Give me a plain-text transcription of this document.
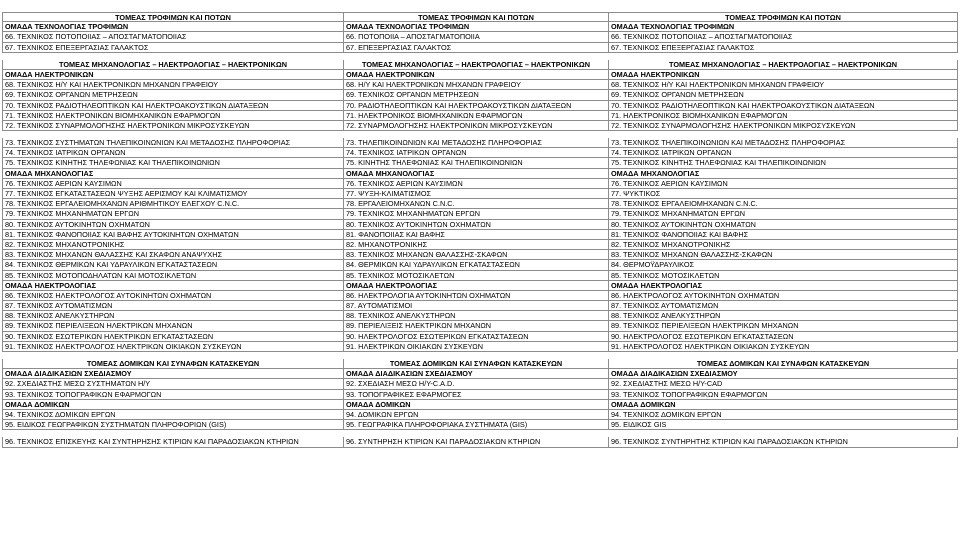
ΤΟΜΕΑΣ ΤΡΟΦΙΜΩΝ ΚΑΙ ΠΟΤΩΝ	ΤΟΜΕΑΣ ΤΡΟΦΙΜΩΝ ΚΑΙ ΠΟΤΩΝ	ΤΟΜΕΑΣ ΤΡΟΦΙΜΩΝ ΚΑΙ ΠΟΤΩΝ
ΟΜΑΔΑ ΤΕΧΝΟΛΟΓΙΑΣ ΤΡΟΦΙΜΩΝ	ΟΜΑΔΑ ΤΕΧΝΟΛΟΓΙΑΣ ΤΡΟΦΙΜΩΝ	ΟΜΑΔΑ ΤΕΧΝΟΛΟΓΙΑΣ ΤΡΟΦΙΜΩΝ
66. ΤΕΧΝΙΚΟΣ ΠΟΤΟΠΟΙΙΑΣ – ΑΠΟΣΤΑΓΜΑΤΟΠΟΙΙΑΣ	66. ΠΟΤΟΠΟΙΙΑ – ΑΠΟΣΤΑΓΜΑΤΟΠΟΙΙΑ	66. ΤΕΧΝΙΚΟΣ ΠΟΤΟΠΟΙΙΑΣ – ΑΠΟΣΤΑΓΜΑΤΟΠΟΙΙΑΣ
67. ΤΕΧΝΙΚΟΣ ΕΠΕΞΕΡΓΑΣΙΑΣ ΓΑΛΑΚΤΟΣ	67. ΕΠΕΞΕΡΓΑΣΙΑΣ ΓΑΛΑΚΤΟΣ	67. ΤΕΧΝΙΚΟΣ ΕΠΕΞΕΡΓΑΣΙΑΣ ΓΑΛΑΚΤΟΣ
ΤΟΜΕΑΣ ΜΗΧΑΝΟΛΟΓΙΑΣ – ΗΛΕΚΤΡΟΛΟΓΙΑΣ – ΗΛΕΚΤΡΟΝΙΚΩΝ	ΤΟΜΕΑΣ ΜΗΧΑΝΟΛΟΓΙΑΣ – ΗΛΕΚΤΡΟΛΟΓΙΑΣ – ΗΛΕΚΤΡΟΝΙΚΩΝ	ΤΟΜΕΑΣ ΜΗΧΑΝΟΛΟΓΙΑΣ – ΗΛΕΚΤΡΟΛΟΓΙΑΣ – ΗΛΕΚΤΡΟΝΙΚΩΝ
ΟΜΑΔΑ ΗΛΕΚΤΡΟΝΙΚΩΝ	ΟΜΑΔΑ ΗΛΕΚΤΡΟΝΙΚΩΝ	ΟΜΑΔΑ ΗΛΕΚΤΡΟΝΙΚΩΝ
68. ΤΕΧΝΙΚΟΣ Η/Υ ΚΑΙ ΗΛΕΚΤΡΟΝΙΚΩΝ ΜΗΧΑΝΩΝ ΓΡΑΦΕΙΟΥ	68. Η/Υ ΚΑΙ ΗΛΕΚΤΡΟΝΙΚΩΝ ΜΗΧΑΝΩΝ ΓΡΑΦΕΙΟΥ	68. ΤΕΧΝΙΚΟΣ Η/Υ ΚΑΙ ΗΛΕΚΤΡΟΝΙΚΩΝ ΜΗΧΑΝΩΝ ΓΡΑΦΕΙΟΥ
69. ΤΕΧΝΙΚΟΣ ΟΡΓΑΝΩΝ ΜΕΤΡΗΣΕΩΝ	69. ΤΕΧΝΙΚΟΣ ΟΡΓΑΝΩΝ ΜΕΤΡΗΣΕΩΝ	69. ΤΕΧΝΙΚΟΣ ΟΡΓΑΝΩΝ ΜΕΤΡΗΣΕΩΝ
70. ΤΕΧΝΙΚΟΣ ΡΑΔΙΟΤΗΛΕΟΠΤΙΚΩΝ ΚΑΙ ΗΛΕΚΤΡΟΑΚΟΥΣΤΙΚΩΝ ΔΙΑΤΑΞΕΩΝ	70. ΡΑΔΙΟΤΗΛΕΟΠΤΙΚΩΝ ΚΑΙ ΗΛΕΚΤΡΟΑΚΟΥΣΤΙΚΩΝ ΔΙΑΤΑΞΕΩΝ	70. ΤΕΧΝΙΚΟΣ ΡΑΔΙΟΤΗΛΕΟΠΤΙΚΩΝ ΚΑΙ ΗΛΕΚΤΡΟΑΚΟΥΣΤΙΚΩΝ ΔΙΑΤΑΞΕΩΝ
71. ΤΕΧΝΙΚΟΣ ΗΛΕΚΤΡΟΝΙΚΩΝ ΒΙΟΜΗΧΑΝΙΚΩΝ ΕΦΑΡΜΟΓΩΝ	71. ΗΛΕΚΤΡΟΝΙΚΟΣ ΒΙΟΜΗΧΑΝΙΚΩΝ ΕΦΑΡΜΟΓΩΝ	71. ΗΛΕΚΤΡΟΝΙΚΟΣ ΒΙΟΜΗΧΑΝΙΚΩΝ ΕΦΑΡΜΟΓΩΝ
72. ΤΕΧΝΙΚΟΣ ΣΥΝΑΡΜΟΛΟΓΗΣΗΣ ΗΛΕΚΤΡΟΝΙΚΩΝ ΜΙΚΡΟΣΥΣΚΕΥΩΝ	72. ΣΥΝΑΡΜΟΛΟΓΗΣΗΣ ΗΛΕΚΤΡΟΝΙΚΩΝ ΜΙΚΡΟΣΥΣΚΕΥΩΝ	72. ΤΕΧΝΙΚΟΣ ΣΥΝΑΡΜΟΛΟΓΗΣΗΣ ΗΛΕΚΤΡΟΝΙΚΩΝ ΜΙΚΡΟΣΥΣΚΕΥΩΝ
73. ΤΕΧΝΙΚΟΣ ΣΥΣΤΗΜΑΤΩΝ ΤΗΛΕΠΙΚΟΙΝΩΝΙΩΝ ΚΑΙ ΜΕΤΑΔΟΣΗΣ ΠΛΗΡΟΦΟΡΙΑΣ	73. ΤΗΛΕΠΙΚΟΙΝΩΝΙΩΝ ΚΑΙ ΜΕΤΑΔΟΣΗΣ ΠΛΗΡΟΦΟΡΙΑΣ	73. ΤΕΧΝΙΚΟΣ ΤΗΛΕΠΙΚΟΙΝΩΝΙΩΝ ΚΑΙ ΜΕΤΑΔΟΣΗΣ ΠΛΗΡΟΦΟΡΙΑΣ
74. ΤΕΧΝΙΚΟΣ ΙΑΤΡΙΚΩΝ ΟΡΓΑΝΩΝ	74. ΤΕΧΝΙΚΟΣ ΙΑΤΡΙΚΩΝ ΟΡΓΑΝΩΝ	74. ΤΕΧΝΙΚΟΣ ΙΑΤΡΙΚΩΝ ΟΡΓΑΝΩΝ
75. ΤΕΧΝΙΚΟΣ ΚΙΝΗΤΗΣ ΤΗΛΕΦΩΝΙΑΣ ΚΑΙ ΤΗΛΕΠΙΚΟΙΝΩΝΙΩΝ	75. ΚΙΝΗΤΗΣ ΤΗΛΕΦΩΝΙΑΣ ΚΑΙ ΤΗΛΕΠΙΚΟΙΝΩΝΙΩΝ	75. ΤΕΧΝΙΚΟΣ ΚΙΝΗΤΗΣ ΤΗΛΕΦΩΝΙΑΣ ΚΑΙ ΤΗΛΕΠΙΚΟΙΝΩΝΙΩΝ
ΟΜΑΔΑ ΜΗΧΑΝΟΛΟΓΙΑΣ	ΟΜΑΔΑ ΜΗΧΑΝΟΛΟΓΙΑΣ	ΟΜΑΔΑ ΜΗΧΑΝΟΛΟΓΙΑΣ
76. ΤΕΧΝΙΚΟΣ ΑΕΡΙΩΝ ΚΑΥΣΙΜΩΝ	76. ΤΕΧΝΙΚΟΣ ΑΕΡΙΩΝ ΚΑΥΣΙΜΩΝ	76. ΤΕΧΝΙΚΟΣ ΑΕΡΙΩΝ ΚΑΥΣΙΜΩΝ
77. ΤΕΧΝΙΚΟΣ ΕΓΚΑΤΑΣΤΑΣΕΩΝ ΨΥΞΗΣ ΑΕΡΙΣΜΟΥ ΚΑΙ ΚΛΙΜΑΤΙΣΜΟΥ	77. ΨΥΞΗ-ΚΛΙΜΑΤΙΣΜΟΣ	77. ΨΥΚΤΙΚΟΣ
78. ΤΕΧΝΙΚΟΣ ΕΡΓΑΛΕΙΟΜΗΧΑΝΩΝ ΑΡΙΘΜΗΤΙΚΟΥ ΕΛΕΓΧΟΥ C.N.C.	78. ΕΡΓΑΛΕΙΟΜΗΧΑΝΩΝ C.N.C.	78. ΤΕΧΝΙΚΟΣ ΕΡΓΑΛΕΙΟΜΗΧΑΝΩΝ C.N.C.
79. ΤΕΧΝΙΚΟΣ ΜΗΧΑΝΗΜΑΤΩΝ ΕΡΓΩΝ	79. ΤΕΧΝΙΚΟΣ ΜΗΧΑΝΗΜΑΤΩΝ ΕΡΓΩΝ	79. ΤΕΧΝΙΚΟΣ ΜΗΧΑΝΗΜΑΤΩΝ ΕΡΓΩΝ
80. ΤΕΧΝΙΚΟΣ ΑΥΤΟΚΙΝΗΤΩΝ ΟΧΗΜΑΤΩΝ	80. ΤΕΧΝΙΚΟΣ ΑΥΤΟΚΙΝΗΤΩΝ ΟΧΗΜΑΤΩΝ	80. ΤΕΧΝΙΚΟΣ ΑΥΤΟΚΙΝΗΤΩΝ ΟΧΗΜΑΤΩΝ
81. ΤΕΧΝΙΚΟΣ ΦΑΝΟΠΟΙΙΑΣ ΚΑΙ ΒΑΦΗΣ ΑΥΤΟΚΙΝΗΤΩΝ ΟΧΗΜΑΤΩΝ	81. ΦΑΝΟΠΟΙΙΑΣ ΚΑΙ ΒΑΦΗΣ	81. ΤΕΧΝΙΚΟΣ ΦΑΝΟΠΟΙΙΑΣ ΚΑΙ ΒΑΦΗΣ
82. ΤΕΧΝΙΚΟΣ ΜΗΧΑΝΟΤΡΟΝΙΚΗΣ	82. ΜΗΧΑΝΟΤΡΟΝΙΚΗΣ	82. ΤΕΧΝΙΚΟΣ ΜΗΧΑΝΟΤΡΟΝΙΚΗΣ
83. ΤΕΧΝΙΚΟΣ ΜΗΧΑΝΩΝ ΘΑΛΑΣΣΗΣ ΚΑΙ ΣΚΑΦΩΝ ΑΝΑΨΥΧΗΣ	83. ΤΕΧΝΙΚΟΣ ΜΗΧΑΝΩΝ ΘΑΛΑΣΣΗΣ-ΣΚΑΦΩΝ	83. ΤΕΧΝΙΚΟΣ ΜΗΧΑΝΩΝ ΘΑΛΑΣΣΗΣ-ΣΚΑΦΩΝ
84. ΤΕΧΝΙΚΟΣ ΘΕΡΜΙΚΩΝ ΚΑΙ ΥΔΡΑΥΛΙΚΩΝ ΕΓΚΑΤΑΣΤΑΣΕΩΝ	84. ΘΕΡΜΙΚΩΝ ΚΑΙ ΥΔΡΑΥΛΙΚΩΝ ΕΓΚΑΤΑΣΤΑΣΕΩΝ	84. ΘΕΡΜΟΫΔΡΑΥΛΙΚΟΣ
85. ΤΕΧΝΙΚΟΣ ΜΟΤΟΠΟΔΗΛΑΤΩΝ ΚΑΙ ΜΟΤΟΣΙΚΛΕΤΩΝ	85. ΤΕΧΝΙΚΟΣ ΜΟΤΟΣΙΚΛΕΤΩΝ	85. ΤΕΧΝΙΚΟΣ ΜΟΤΟΣΙΚΛΕΤΩΝ
ΟΜΑΔΑ ΗΛΕΚΤΡΟΛΟΓΙΑΣ	ΟΜΑΔΑ ΗΛΕΚΤΡΟΛΟΓΙΑΣ	ΟΜΑΔΑ ΗΛΕΚΤΡΟΛΟΓΙΑΣ
86. ΤΕΧΝΙΚΟΣ ΗΛΕΚΤΡΟΛΟΓΟΣ ΑΥΤΟΚΙΝΗΤΩΝ ΟΧΗΜΑΤΩΝ	86. ΗΛΕΚΤΡΟΛΟΓΙΑ ΑΥΤΟΚΙΝΗΤΩΝ ΟΧΗΜΑΤΩΝ	86. ΗΛΕΚΤΡΟΛΟΓΟΣ ΑΥΤΟΚΙΝΗΤΩΝ ΟΧΗΜΑΤΩΝ
87. ΤΕΧΝΙΚΟΣ ΑΥΤΟΜΑΤΙΣΜΩΝ	87. ΑΥΤΟΜΑΤΙΣΜΟΙ	87. ΤΕΧΝΙΚΟΣ ΑΥΤΟΜΑΤΙΣΜΩΝ
88. ΤΕΧΝΙΚΟΣ ΑΝΕΛΚΥΣΤΗΡΩΝ	88. ΤΕΧΝΙΚΟΣ ΑΝΕΛΚΥΣΤΗΡΩΝ	88. ΤΕΧΝΙΚΟΣ ΑΝΕΛΚΥΣΤΗΡΩΝ
89. ΤΕΧΝΙΚΟΣ ΠΕΡΙΕΛΙΞΕΩΝ ΗΛΕΚΤΡΙΚΩΝ ΜΗΧΑΝΩΝ	89. ΠΕΡΙΕΛΙΞΕΙΣ ΗΛΕΚΤΡΙΚΩΝ ΜΗΧΑΝΩΝ	89. ΤΕΧΝΙΚΟΣ ΠΕΡΙΕΛΙΞΕΩΝ ΗΛΕΚΤΡΙΚΩΝ ΜΗΧΑΝΩΝ
90. ΤΕΧΝΙΚΟΣ ΕΣΩΤΕΡΙΚΩΝ ΗΛΕΚΤΡΙΚΩΝ ΕΓΚΑΤΑΣΤΑΣΕΩΝ	90. ΗΛΕΚΤΡΟΛΟΓΟΣ ΕΣΩΤΕΡΙΚΩΝ ΕΓΚΑΤΑΣΤΑΣΕΩΝ	90. ΗΛΕΚΤΡΟΛΟΓΟΣ ΕΣΩΤΕΡΙΚΩΝ ΕΓΚΑΤΑΣΤΑΣΕΩΝ
91. ΤΕΧΝΙΚΟΣ ΗΛΕΚΤΡΟΛΟΓΟΣ ΗΛΕΚΤΡΙΚΩΝ ΟΙΚΙΑΚΩΝ ΣΥΣΚΕΥΩΝ	91. ΗΛΕΚΤΡΙΚΩΝ ΟΙΚΙΑΚΩΝ ΣΥΣΚΕΥΩΝ	91. ΗΛΕΚΤΡΟΛΟΓΟΣ ΗΛΕΚΤΡΙΚΩΝ ΟΙΚΙΑΚΩΝ ΣΥΣΚΕΥΩΝ
ΤΟΜΕΑΣ ΔΟΜΙΚΩΝ ΚΑΙ ΣΥΝΑΦΩΝ ΚΑΤΑΣΚΕΥΩΝ	ΤΟΜΕΑΣ ΔΟΜΙΚΩΝ ΚΑΙ ΣΥΝΑΦΩΝ ΚΑΤΑΣΚΕΥΩΝ	ΤΟΜΕΑΣ ΔΟΜΙΚΩΝ ΚΑΙ ΣΥΝΑΦΩΝ ΚΑΤΑΣΚΕΥΩΝ
ΟΜΑΔΑ ΔΙΑΔΙΚΑΣΙΩΝ ΣΧΕΔΙΑΣΜΟΥ	ΟΜΑΔΑ ΔΙΑΔΙΚΑΣΙΩΝ ΣΧΕΔΙΑΣΜΟΥ	ΟΜΑΔΑ ΔΙΑΔΙΚΑΣΙΩΝ ΣΧΕΔΙΑΣΜΟΥ
92. ΣΧΕΔΙΑΣΤΗΣ ΜΕΣΩ ΣΥΣΤΗΜΑΤΩΝ Η/Υ	92. ΣΧΕΔΙΑΣΗ ΜΕΣΩ Η/Υ-C.A.D.	92. ΣΧΕΔΙΑΣΤΗΣ ΜΕΣΩ Η/Υ-CAD
93. ΤΕΧΝΙΚΟΣ ΤΟΠΟΓΡΑΦΙΚΩΝ ΕΦΑΡΜΟΓΩΝ	93. ΤΟΠΟΓΡΑΦΙΚΕΣ ΕΦΑΡΜΟΓΕΣ	93. ΤΕΧΝΙΚΟΣ ΤΟΠΟΓΡΑΦΙΚΩΝ ΕΦΑΡΜΟΓΩΝ
ΟΜΑΔΑ ΔΟΜΙΚΩΝ	ΟΜΑΔΑ ΔΟΜΙΚΩΝ	ΟΜΑΔΑ ΔΟΜΙΚΩΝ
94. ΤΕΧΝΙΚΟΣ ΔΟΜΙΚΩΝ ΕΡΓΩΝ	94. ΔΟΜΙΚΩΝ ΕΡΓΩΝ	94. ΤΕΧΝΙΚΟΣ ΔΟΜΙΚΩΝ ΕΡΓΩΝ
95. ΕΙΔΙΚΟΣ ΓΕΩΓΡΑΦΙΚΩΝ ΣΥΣΤΗΜΑΤΩΝ ΠΛΗΡΟΦΟΡΙΩΝ (GIS)	95. ΓΕΩΓΡΑΦΙΚΑ ΠΛΗΡΟΦΟΡΙΑΚΑ ΣΥΣΤΗΜΑΤΑ (GIS)	95. ΕΙΔΙΚΟΣ GIS
96. ΤΕΧΝΙΚΟΣ ΕΠΙΣΚΕΥΗΣ ΚΑΙ ΣΥΝΤΗΡΗΣΗΣ ΚΤΙΡΙΩΝ ΚΑΙ ΠΑΡΑΔΟΣΙΑΚΩΝ ΚΤΗΡΙΩΝ	96. ΣΥΝΤΗΡΗΣΗ ΚΤΙΡΙΩΝ ΚΑΙ ΠΑΡΑΔΟΣΙΑΚΩΝ ΚΤΗΡΙΩΝ	96. ΤΕΧΝΙΚΟΣ ΣΥΝΤΗΡΗΤΗΣ ΚΤΙΡΙΩΝ ΚΑΙ ΠΑΡΑΔΟΣΙΑΚΩΝ ΚΤΗΡΙΩΝ
